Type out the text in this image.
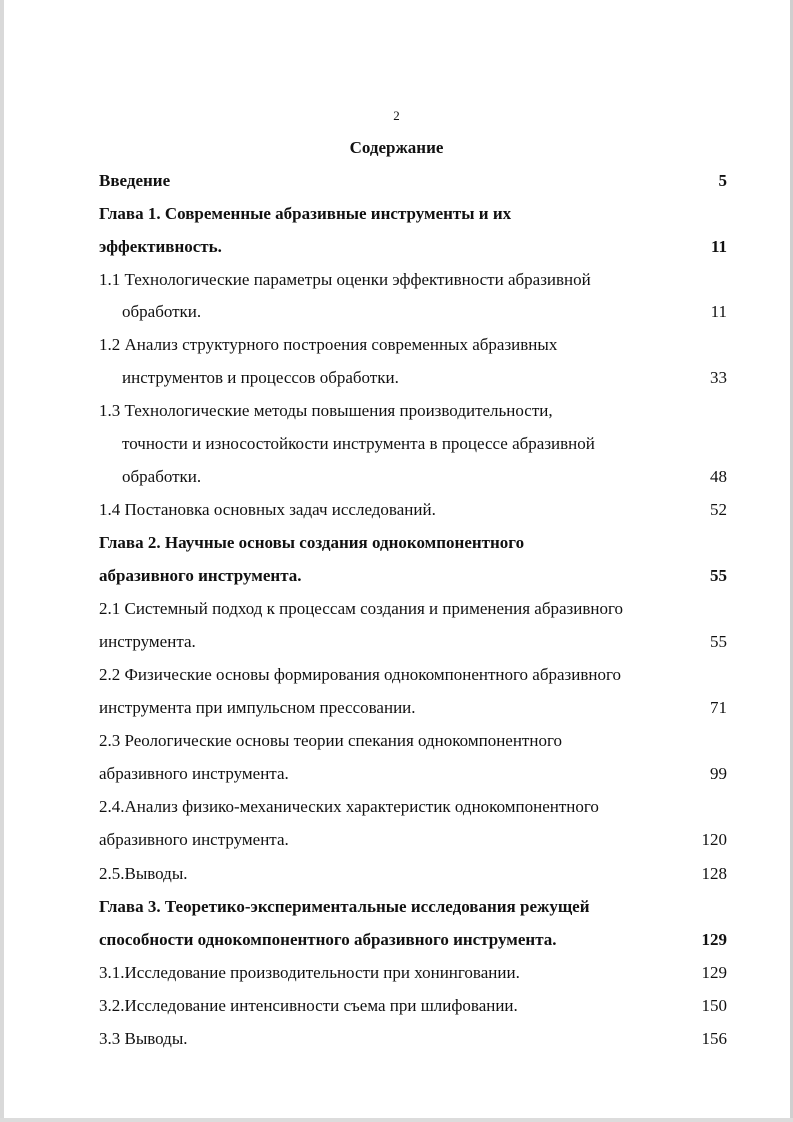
2
Содержание
Введение	5
Глава 1. Современные абразивные инструменты и их
эффективность.	11
1.1 Технологические параметры оценки эффективности абразивной
обработки.	11
1.2 Анализ структурного построения современных абразивных
инструментов и процессов обработки.	33
1.3 Технологические методы повышения производительности,
точности и износостойкости инструмента в процессе абразивной
обработки.	48
1.4 Постановка основных задач исследований.	52
Глава 2. Научные основы создания однокомпонентного
абразивного инструмента.	55
2.1 Системный подход к процессам создания и применения абразивного
инструмента.	55
2.2 Физические основы формирования однокомпонентного абразивного
инструмента при импульсном прессовании.	71
2.3 Реологические основы теории спекания однокомпонентного
абразивного инструмента.	99
2.4.Анализ физико-механических характеристик однокомпонентного
абразивного инструмента.	120
2.5.Выводы.	128
Глава 3. Теоретико-экспериментальные исследования режущей
способности однокомпонентного абразивного инструмента.	129
3.1.Исследование производительности при хонинговании.	129
3.2.Исследование интенсивности съема при шлифовании.	150
3.3 Выводы.	156
